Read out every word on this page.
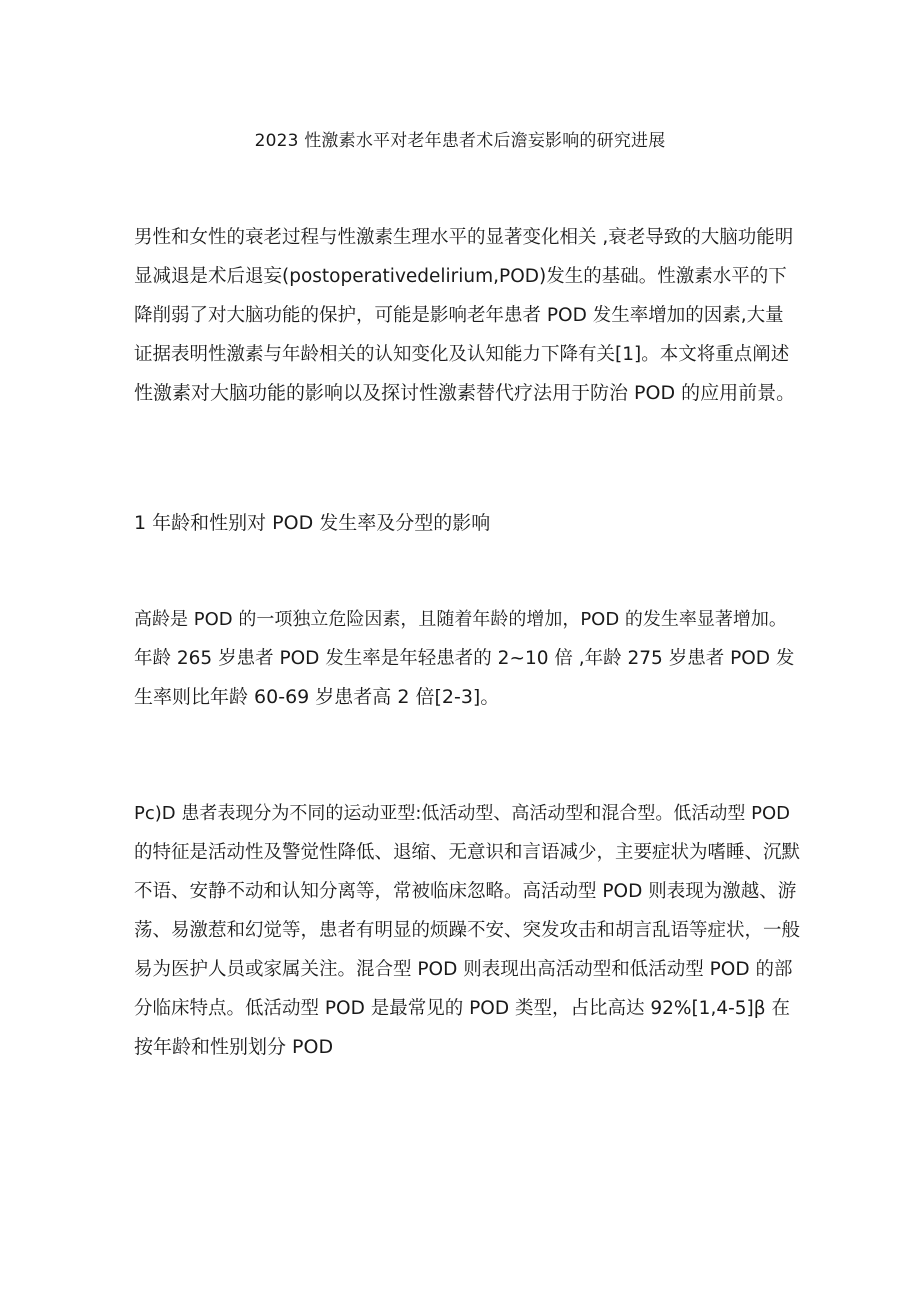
2023 性激素水平对老年患者术后澹妄影响的研究进展
男性和女性的衰老过程与性激素生理水平的显著变化相关 ,衰老导致的大脑功能明
显减退是术后退妄(postoperativedelirium,POD)发生的基础。性激素水平的下
降削弱了对大脑功能的保护，可能是影响老年患者 POD 发生率增加的因素,大量
证据表明性激素与年龄相关的认知变化及认知能力下降有关[1]。本文将重点阐述
性激素对大脑功能的影响以及探讨性激素替代疗法用于防治 POD 的应用前景。
1 年龄和性别对 POD 发生率及分型的影响
高龄是 POD 的一项独立危险因素，且随着年龄的增加，POD 的发生率显著增加。
年龄 265 岁患者 POD 发生率是年轻患者的 2~10 倍 ,年龄 275 岁患者 POD 发
生率则比年龄 60-69 岁患者高 2 倍[2-3]。
Pc)D 患者表现分为不同的运动亚型:低活动型、高活动型和混合型。低活动型 POD
的特征是活动性及警觉性降低、退缩、无意识和言语减少，主要症状为嗜睡、沉默
不语、安静不动和认知分离等，常被临床忽略。高活动型 POD 则表现为激越、游
荡、易激惹和幻觉等，患者有明显的烦躁不安、突发攻击和胡言乱语等症状，一般
易为医护人员或家属关注。混合型 POD 则表现出高活动型和低活动型 POD 的部
分临床特点。低活动型 POD 是最常见的 POD 类型，占比高达 92%[1,4-5]β 在
按年龄和性别划分 POD
